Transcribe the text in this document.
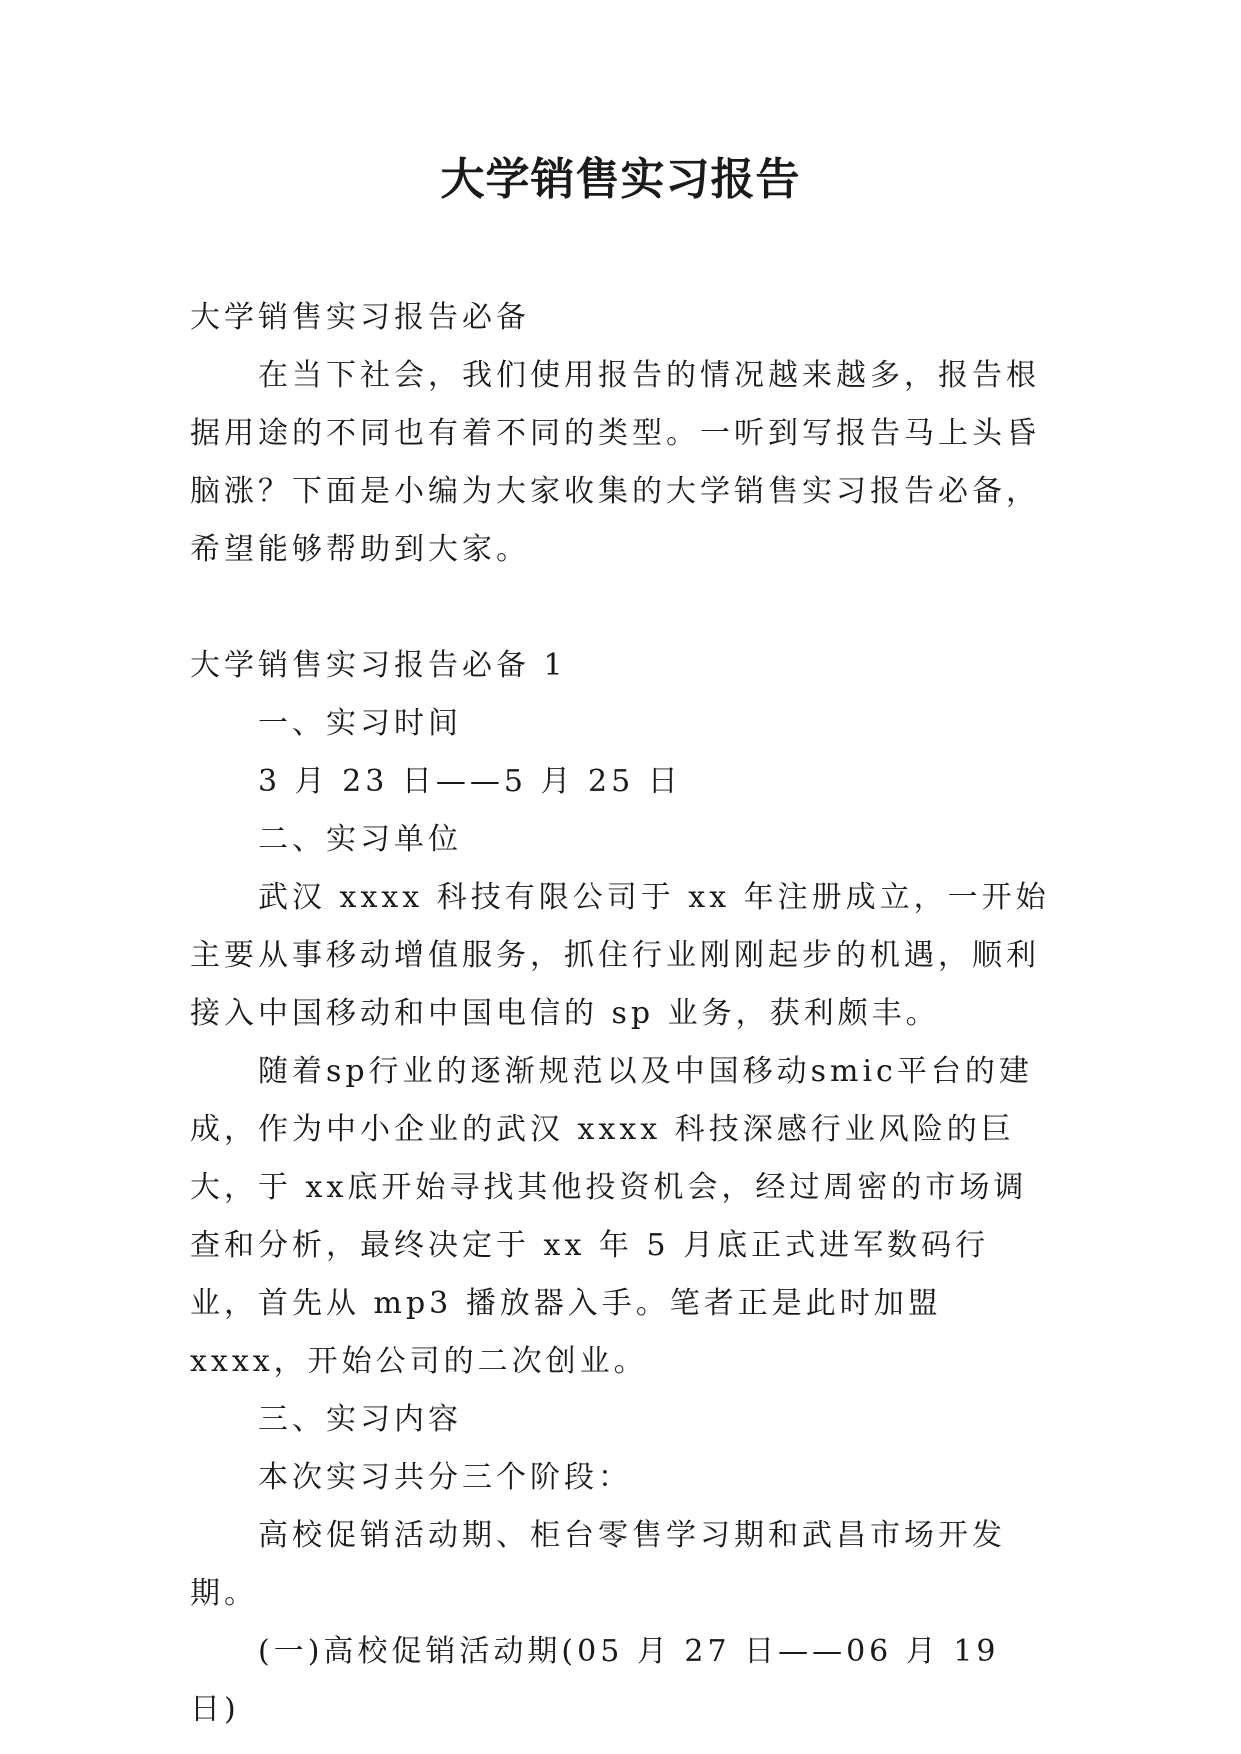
大学销售实习报告

大学销售实习报告必备

在当下社会，我们使用报告的情况越来越多，报告根据用途的不同也有着不同的类型。一听到写报告马上头昏脑涨？下面是小编为大家收集的大学销售实习报告必备，希望能够帮助到大家。

大学销售实习报告必备 1

一、实习时间

3 月 23 日——5 月 25 日

二、实习单位

武汉 xxxx 科技有限公司于 xx 年注册成立，一开始主要从事移动增值服务，抓住行业刚刚起步的机遇，顺利接入中国移动和中国电信的 sp 业务，获利颇丰。

随着sp行业的逐渐规范以及中国移动smic平台的建成，作为中小企业的武汉 xxxx 科技深感行业风险的巨大，于 xx底开始寻找其他投资机会，经过周密的市场调查和分析，最终决定于 xx 年 5 月底正式进军数码行业，首先从 mp3 播放器入手。笔者正是此时加盟 xxxx，开始公司的二次创业。

三、实习内容

本次实习共分三个阶段：

高校促销活动期、柜台零售学习期和武昌市场开发期。

(一)高校促销活动期(05 月 27 日——06 月 19 日)
